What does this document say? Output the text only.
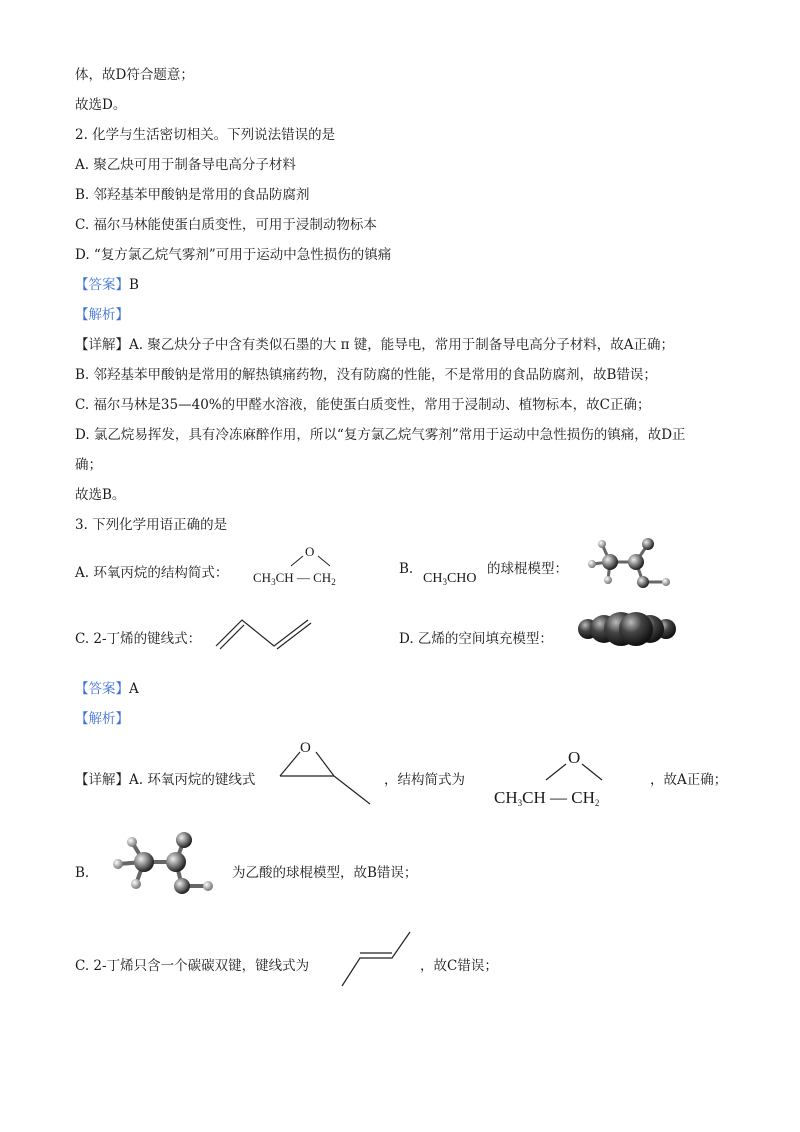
体，故D符合题意；
故选D。
2. 化学与生活密切相关。下列说法错误的是
A. 聚乙炔可用于制备导电高分子材料
B. 邻羟基苯甲酸钠是常用的食品防腐剂
C. 福尔马林能使蛋白质变性，可用于浸制动物标本
D. “复方氯乙烷气雾剂”可用于运动中急性损伤的镇痛
【答案】B
【解析】
【详解】A. 聚乙炔分子中含有类似石墨的大 π 键，能导电，常用于制备导电高分子材料，故A正确；
B. 邻羟基苯甲酸钠是常用的解热镇痛药物，没有防腐的性能，不是常用的食品防腐剂，故B错误；
C. 福尔马林是35—40%的甲醛水溶液，能使蛋白质变性，常用于浸制动、植物标本，故C正确；
D. 氯乙烷易挥发，具有冷冻麻醉作用，所以“复方氯乙烷气雾剂”常用于运动中急性损伤的镇痛，故D正
确；
故选B。
3. 下列化学用语正确的是
A. 环氧丙烷的结构简式：
O
$CH_3CH$ — $CH_2$
B.
$CH_3CHO$
的球棍模型：
C. 2-丁烯的键线式：	D. 乙烯的空间填充模型：
【答案】A
【解析】
【详解】A. 环氧丙烷的键线式
O
，结构简式为
O
$CH_3CH$ — $CH_2$
，故A正确；
B.	为乙酸的球棍模型，故B错误；
C. 2-丁烯只含一个碳碳双键，键线式为	，故C错误；
